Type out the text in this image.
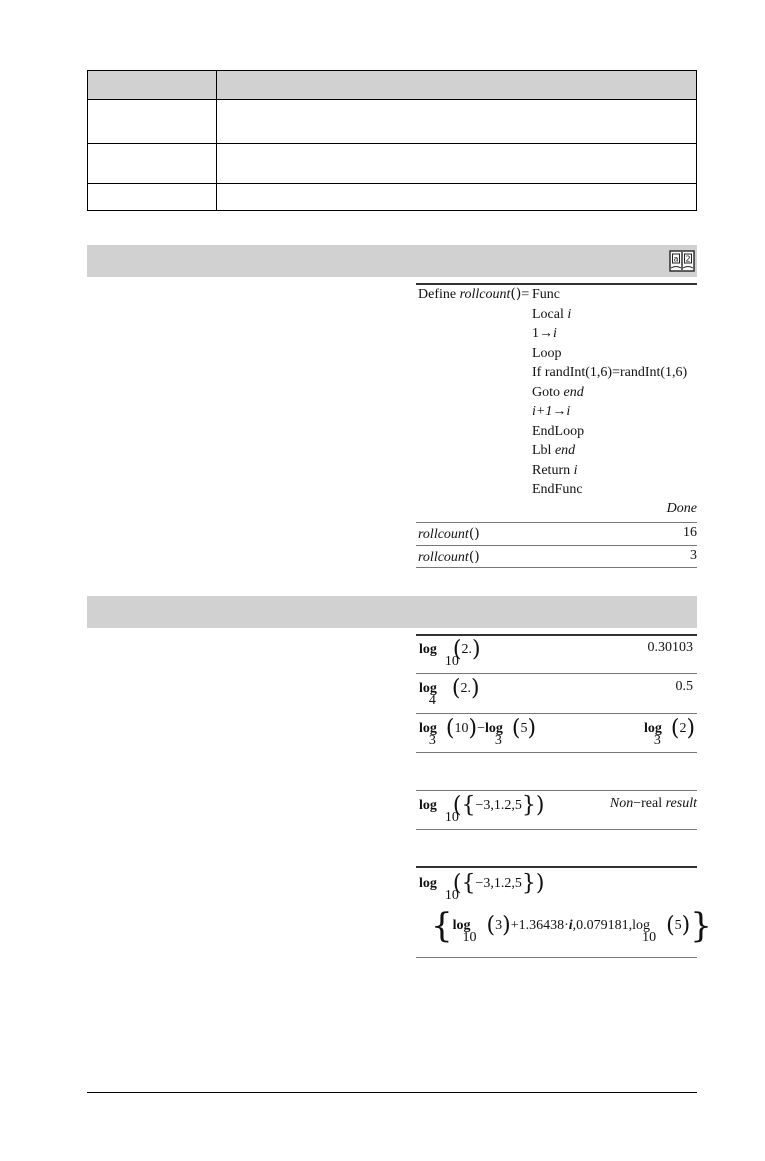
a 2
Define rollcount()= Func
Local i
1→i
Loop
If randInt(1,6)=randInt(1,6)
Goto end
i+1→i
EndLoop
Lbl end
Return i
EndFunc
Done
rollcount()	16
rollcount()	3
log10(2.)	0.30103
log4 (2.)	0.5
log3 (10)−log3 (5)	log3 (2)
log10({−3,1.2,5})	Non−real result
log10({−3,1.2,5})
{log10 (3)+1.36438·i,0.079181,log10 (5)}
